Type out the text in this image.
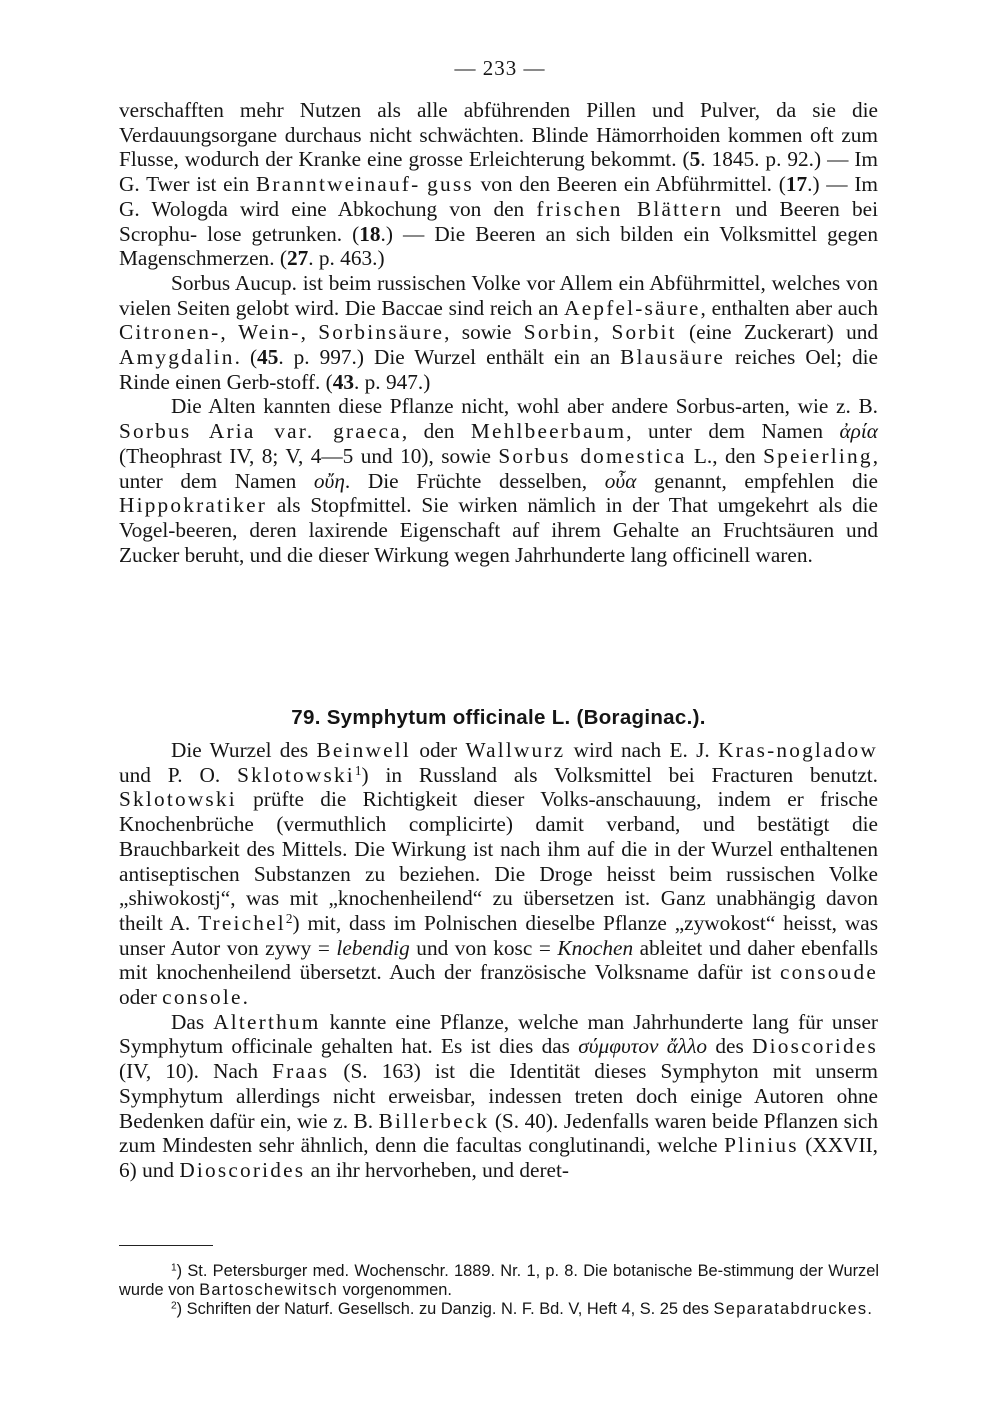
— 233 —

verschafften mehr Nutzen als alle abführenden Pillen und Pulver, da sie die Verdauungsorgane durchaus nicht schwächten. Blinde Hämorrhoiden kommen oft zum Flusse, wodurch der Kranke eine grosse Erleichterung bekommt. (5. 1845. p. 92.) — Im G. Twer ist ein Branntweinauf- guss von den Beeren ein Abführmittel. (17.) — Im G. Wologda wird eine Abkochung von den frischen Blättern und Beeren bei Scrophu- lose getrunken. (18.) — Die Beeren an sich bilden ein Volksmittel gegen Magenschmerzen. (27. p. 463.)

Sorbus Aucup. ist beim russischen Volke vor Allem ein Abführmittel, welches von vielen Seiten gelobt wird. Die Baccae sind reich an Aepfel-säure, enthalten aber auch Citronen-, Wein-, Sorbinsäure, sowie Sorbin, Sorbit (eine Zuckerart) und Amygdalin. (45. p. 997.) Die Wurzel enthält ein an Blausäure reiches Oel; die Rinde einen Gerb-stoff. (43. p. 947.)

Die Alten kannten diese Pflanze nicht, wohl aber andere Sorbus-arten, wie z. B. Sorbus Aria var. graeca, den Mehlbeerbaum, unter dem Namen ἀρία (Theophrast IV, 8; V, 4—5 und 10), sowie Sorbus domestica L., den Speierling, unter dem Namen οὔη. Die Früchte desselben, οὖα genannt, empfehlen die Hippokratiker als Stopfmittel. Sie wirken nämlich in der That umgekehrt als die Vogel-beeren, deren laxirende Eigenschaft auf ihrem Gehalte an Fruchtsäuren und Zucker beruht, und die dieser Wirkung wegen Jahrhunderte lang officinell waren.

79. Symphytum officinale L. (Boraginac.).

Die Wurzel des Beinwell oder Wallwurz wird nach E. J. Kras-nogladow und P. O. Sklotowski$^1$) in Russland als Volksmittel bei Fracturen benutzt. Sklotowski prüfte die Richtigkeit dieser Volks-anschauung, indem er frische Knochenbrüche (vermuthlich complicirte) damit verband, und bestätigt die Brauchbarkeit des Mittels. Die Wirkung ist nach ihm auf die in der Wurzel enthaltenen antiseptischen Substanzen zu beziehen. Die Droge heisst beim russischen Volke „shiwokostj“, was mit „knochenheilend“ zu übersetzen ist. Ganz unabhängig davon theilt A. Treichel$^2$) mit, dass im Polnischen dieselbe Pflanze „zywokost“ heisst, was unser Autor von zywy = lebendig und von kosc = Knochen ableitet und daher ebenfalls mit knochenheilend übersetzt. Auch der französische Volksname dafür ist consoude oder console.

Das Alterthum kannte eine Pflanze, welche man Jahrhunderte lang für unser Symphytum officinale gehalten hat. Es ist dies das σύμφυτον ἄλλο des Dioscorides (IV, 10). Nach Fraas (S. 163) ist die Identität dieses Symphyton mit unserm Symphytum allerdings nicht erweisbar, indessen treten doch einige Autoren ohne Bedenken dafür ein, wie z. B. Billerbeck (S. 40). Jedenfalls waren beide Pflanzen sich zum Mindesten sehr ähnlich, denn die facultas conglutinandi, welche Plinius (XXVII, 6) und Dioscorides an ihr hervorheben, und deret-

$^1$) St. Petersburger med. Wochenschr. 1889. Nr. 1, p. 8. Die botanische Be-stimmung der Wurzel wurde von Bartoschewitsch vorgenommen.

$^2$) Schriften der Naturf. Gesellsch. zu Danzig. N. F. Bd. V, Heft 4, S. 25 des Separatabdruckes.
